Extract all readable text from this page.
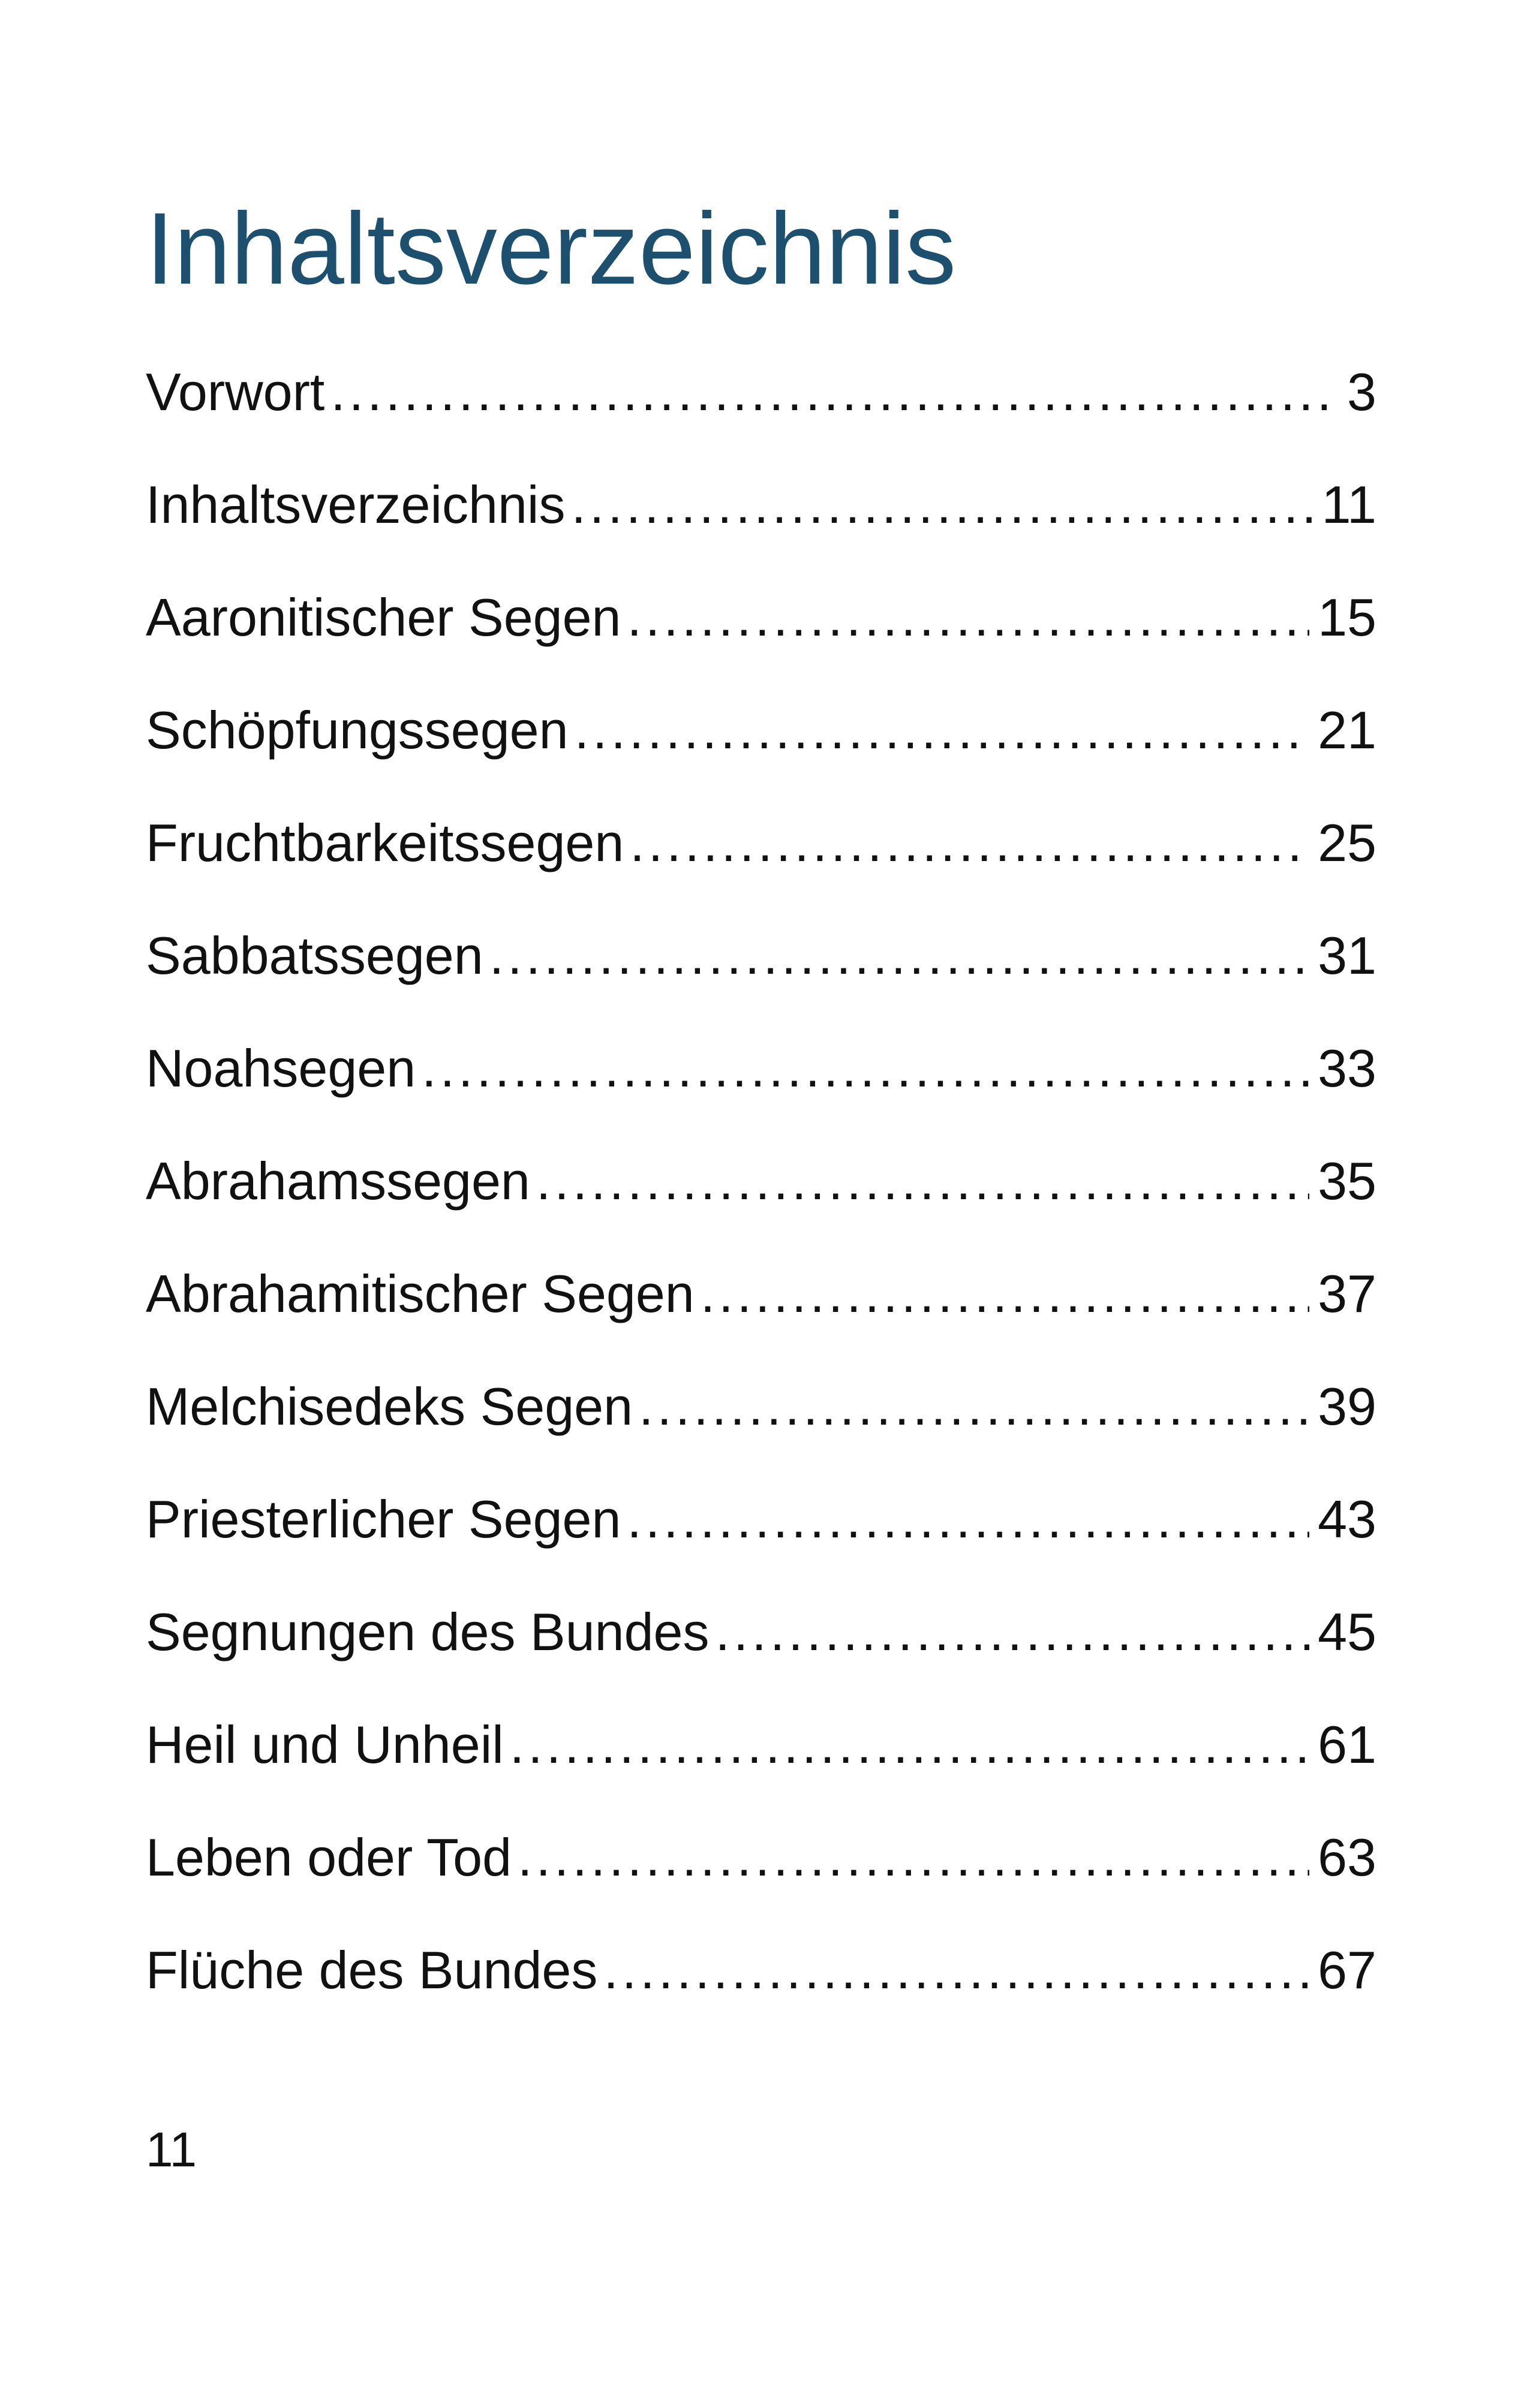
Inhaltsverzeichnis
Vorwort .....	3
Inhaltsverzeichnis .....	11
Aaronitischer Segen .....	15
Schöpfungssegen .....	21
Fruchtbarkeitssegen .....	25
Sabbatssegen .....	31
Noahsegen .....	33
Abrahamssegen .....	35
Abrahamitischer Segen .....	37
Melchisedeks Segen .....	39
Priesterlicher Segen .....	43
Segnungen des Bundes .....	45
Heil und Unheil .....	61
Leben oder Tod .....	63
Flüche des Bundes .....	67
11
